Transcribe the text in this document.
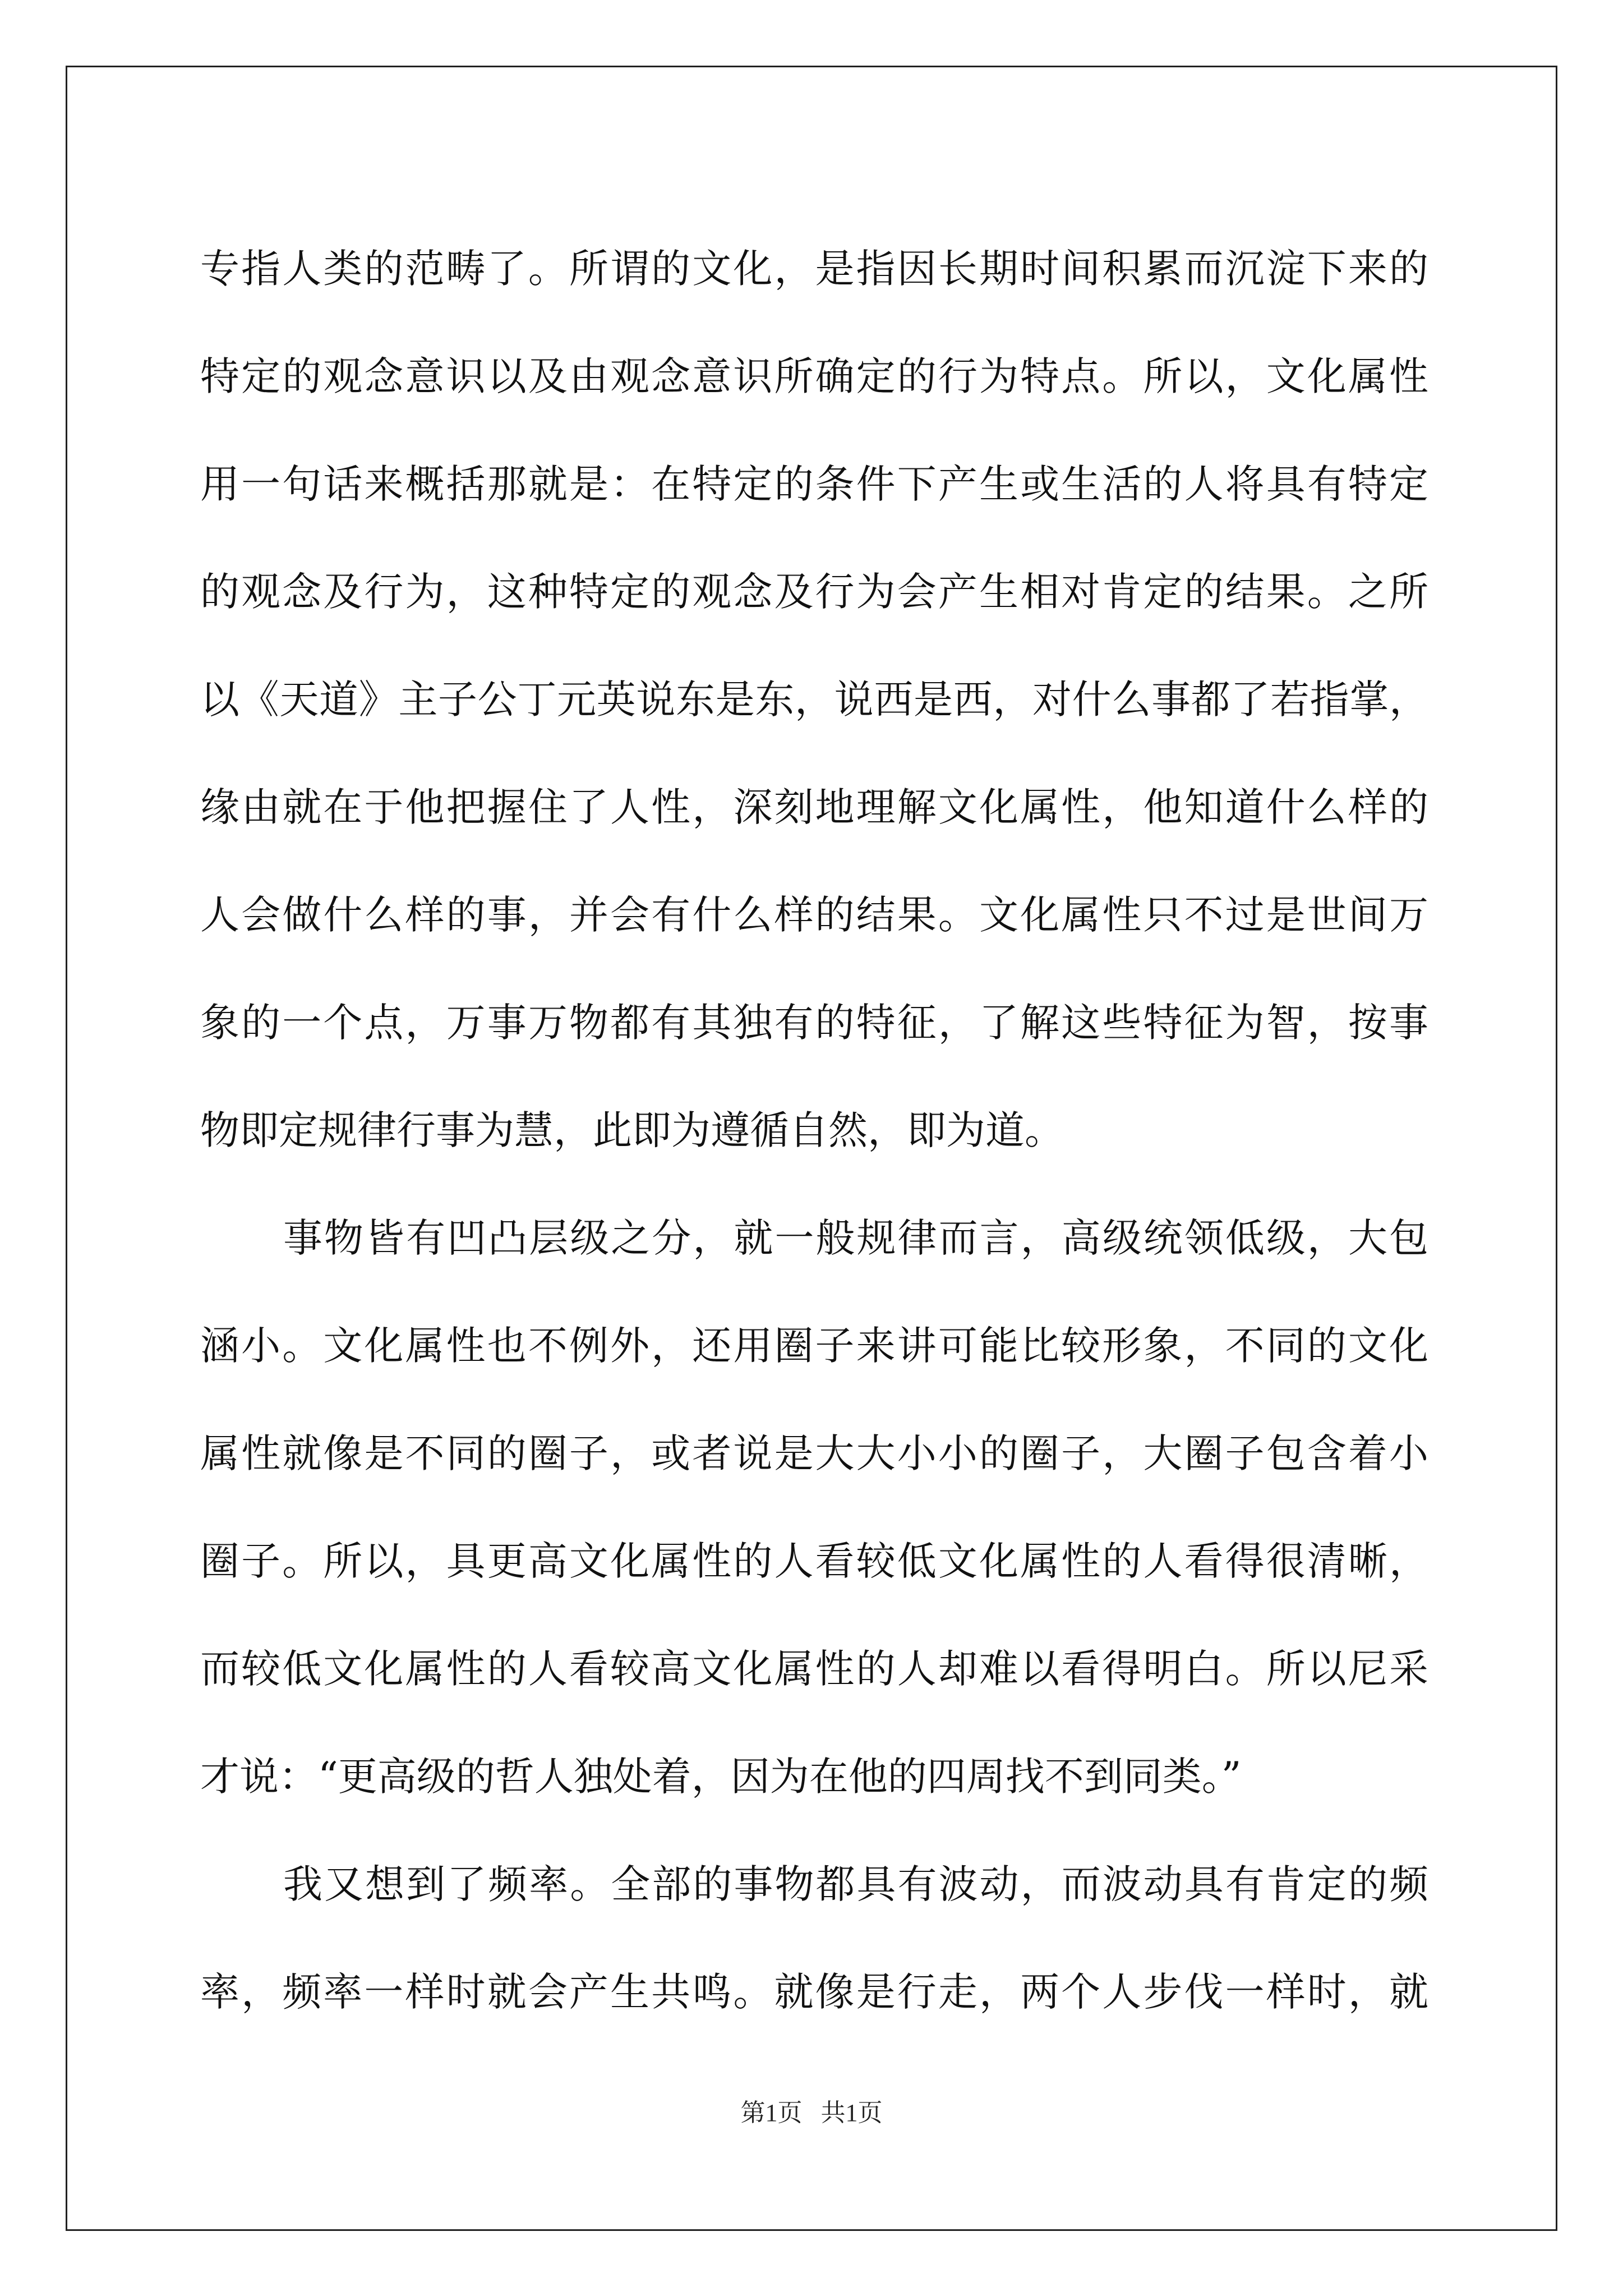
专指人类的范畴了。所谓的文化，是指因长期时间积累而沉淀下来的
特定的观念意识以及由观念意识所确定的行为特点。所以，文化属性
用一句话来概括那就是：在特定的条件下产生或生活的人将具有特定
的观念及行为，这种特定的观念及行为会产生相对肯定的结果。之所
以《天道》主子公丁元英说东是东，说西是西，对什么事都了若指掌，
缘由就在于他把握住了人性，深刻地理解文化属性，他知道什么样的
人会做什么样的事，并会有什么样的结果。文化属性只不过是世间万
象的一个点，万事万物都有其独有的特征，了解这些特征为智，按事
物即定规律行事为慧，此即为遵循自然，即为道。

事物皆有凹凸层级之分，就一般规律而言，高级统领低级，大包
涵小。文化属性也不例外，还用圈子来讲可能比较形象，不同的文化
属性就像是不同的圈子，或者说是大大小小的圈子，大圈子包含着小
圈子。所以，具更高文化属性的人看较低文化属性的人看得很清晰，
而较低文化属性的人看较高文化属性的人却难以看得明白。所以尼采
才说：“更高级的哲人独处着，因为在他的四周找不到同类。”

我又想到了频率。全部的事物都具有波动，而波动具有肯定的频
率，频率一样时就会产生共鸣。就像是行走，两个人步伐一样时，就

第1页   共1页
